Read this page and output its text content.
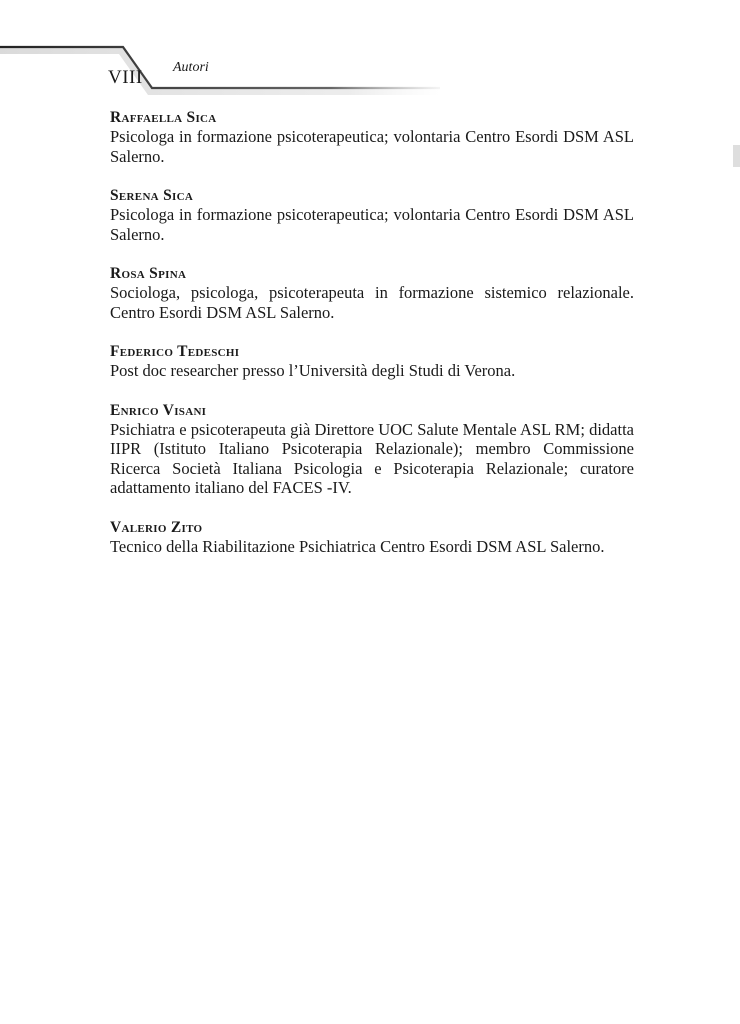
VIII Autori

Raffaella Sica

Psicologa in formazione psicoterapeutica; volontaria Centro Esordi DSM ASL Salerno.

Serena Sica

Psicologa in formazione psicoterapeutica; volontaria Centro Esordi DSM ASL Salerno.

Rosa Spina

Sociologa, psicologa, psicoterapeuta in formazione sistemico relazionale. Centro Esordi DSM ASL Salerno.

Federico Tedeschi

Post doc researcher presso l’Università degli Studi di Verona.

Enrico Visani

Psichiatra e psicoterapeuta già Direttore UOC Salute Mentale ASL RM; didatta IIPR (Istituto Italiano Psicoterapia Relazionale); membro Commissione Ricerca Società Italiana Psicologia e Psicoterapia Relazionale; curatore adattamento italiano del FACES -IV.

Valerio Zito

Tecnico della Riabilitazione Psichiatrica Centro Esordi DSM ASL Salerno.
